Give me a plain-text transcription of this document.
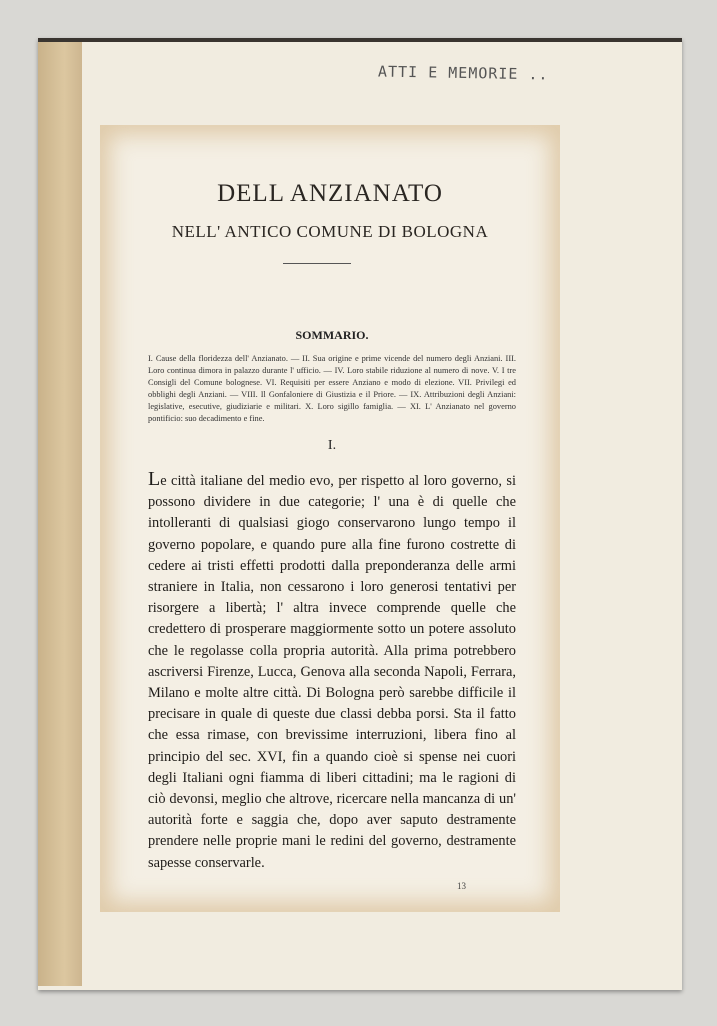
ATTI E MEMORIE ..
DELL ANZIANATO
NELL' ANTICO COMUNE DI BOLOGNA
SOMMARIO.
I. Cause della floridezza dell' Anzianato. — II. Sua origine e prime vicende del numero degli Anziani. III. Loro continua dimora in palazzo durante l' ufficio. — IV. Loro stabile riduzione al numero di nove. V. I tre Consigli del Comune bolognese. VI. Requisiti per essere Anziano e modo di elezione. VII. Privilegi ed obblighi degli Anziani. — VIII. Il Gonfaloniere di Giustizia e il Priore. — IX. Attribuzioni degli Anziani: legislative, esecutive, giudiziarie e militari. X. Loro sigillo famiglia. — XI. L' Anzianato nel governo pontificio: suo decadimento e fine.
I.
Le città italiane del medio evo, per rispetto al loro governo, si possono dividere in due categorie; l' una è di quelle che intolleranti di qualsiasi giogo conservarono lungo tempo il governo popolare, e quando pure alla fine furono costrette di cedere ai tristi effetti prodotti dalla preponderanza delle armi straniere in Italia, non cessarono i loro generosi tentativi per risorgere a libertà; l' altra invece comprende quelle che credettero di prosperare maggiormente sotto un potere assoluto che le regolasse colla propria autorità. Alla prima potrebbero ascriversi Firenze, Lucca, Genova alla seconda Napoli, Ferrara, Milano e molte altre città. Di Bologna però sarebbe difficile il precisare in quale di queste due classi debba porsi. Sta il fatto che essa rimase, con brevissime interruzioni, libera fino al principio del sec. XVI, fin a quando cioè si spense nei cuori degli Italiani ogni fiamma di liberi cittadini; ma le ragioni di ciò devonsi, meglio che altrove, ricercare nella mancanza di un' autorità forte e saggia che, dopo aver saputo destramente prendere nelle proprie mani le redini del governo, destramente sapesse conservarle.
13
